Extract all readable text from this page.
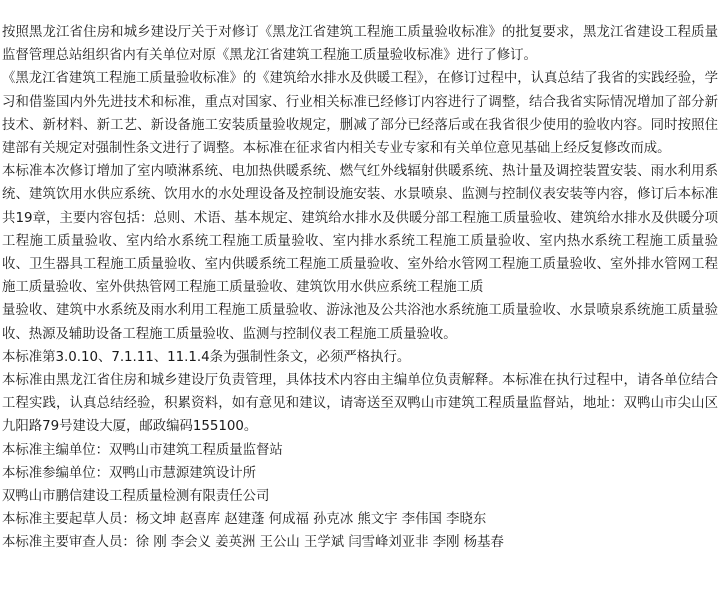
按照黑龙江省住房和城乡建设厅关于对修订《黑龙江省建筑工程施工质量验收标准》的批复要求，黑龙江省建设工程质量监督管理总站组织省内有关单位对原《黑龙江省建筑工程施工质量验收标准》进行了修订。

《黑龙江省建筑工程施工质量验收标准》的《建筑给水排水及供暖工程》，在修订过程中，认真总结了我省的实践经验，学习和借鉴国内外先进技术和标准，重点对国家、行业相关标准已经修订内容进行了调整，结合我省实际情况增加了部分新技术、新材料、新工艺、新设备施工安装质量验收规定，删减了部分已经落后或在我省很少使用的验收内容。同时按照住建部有关规定对强制性条文进行了调整。本标准在征求省内相关专业专家和有关单位意见基础上经反复修改而成。

本标准本次修订增加了室内喷淋系统、电加热供暖系统、燃气红外线辐射供暖系统、热计量及调控装置安装、雨水利用系统、建筑饮用水供应系统、饮用水的水处理设备及控制设施安装、水景喷泉、监测与控制仪表安装等内容，修订后本标准共19章，主要内容包括：总则、术语、基本规定、建筑给水排水及供暖分部工程施工质量验收、建筑给水排水及供暖分项工程施工质量验收、室内给水系统工程施工质量验收、室内排水系统工程施工质量验收、室内热水系统工程施工质量验收、卫生器具工程施工质量验收、室内供暖系统工程施工质量验收、室外给水管网工程施工质量验收、室外排水管网工程施工质量验收、室外供热管网工程施工质量验收、建筑饮用水供应系统工程施工质

量验收、建筑中水系统及雨水利用工程施工质量验收、游泳池及公共浴池水系统施工质量验收、水景喷泉系统施工质量验收、热源及辅助设备工程施工质量验收、监测与控制仪表工程施工质量验收。

本标准第3.0.10、7.1.11、11.1.4条为强制性条文，必须严格执行。

本标准由黑龙江省住房和城乡建设厅负责管理，具体技术内容由主编单位负责解释。本标准在执行过程中，请各单位结合工程实践，认真总结经验，积累资料，如有意见和建议，请寄送至双鸭山市建筑工程质量监督站，地址：双鸭山市尖山区九阳路79号建设大厦，邮政编码155100。

本标准主编单位：双鸭山市建筑工程质量监督站

本标准参编单位：双鸭山市慧源建筑设计所

双鸭山市鹏信建设工程质量检测有限责任公司

本标准主要起草人员：杨文坤 赵喜库 赵建蓬 何成福 孙克冰 熊文宇 李伟国 李晓东

本标准主要审查人员：徐 刚 李会义 姜英洲 王公山 王学斌 闫雪峰刘亚非 李刚 杨基春
